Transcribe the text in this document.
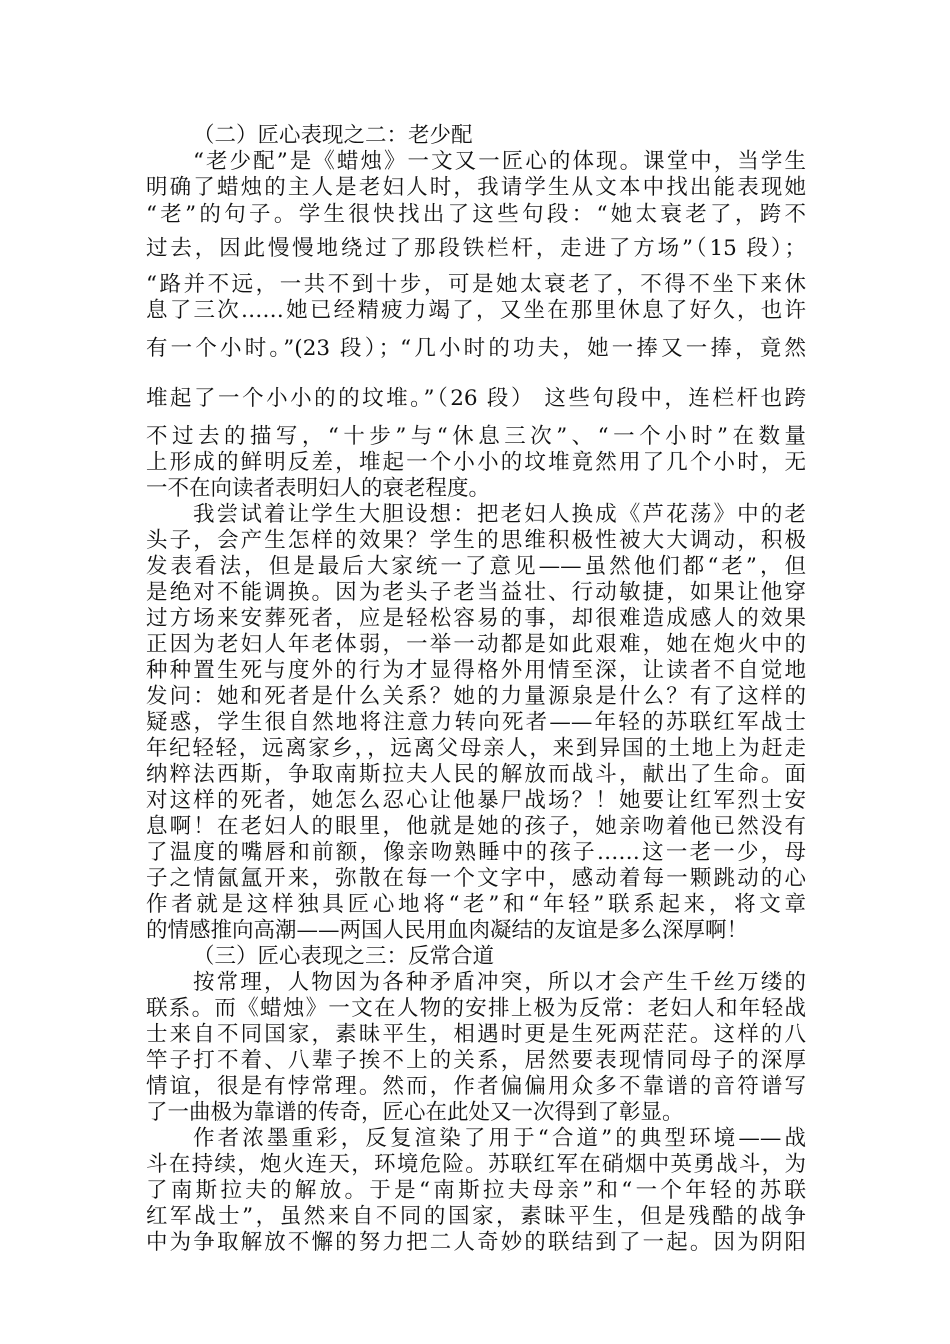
（二）匠心表现之二：老少配
“老少配”是《蜡烛》一文又一匠心的体现。课堂中，当学生
明确了蜡烛的主人是老妇人时，我请学生从文本中找出能表现她
“老”的句子。学生很快找出了这些句段：“她太衰老了，跨不
过去，因此慢慢地绕过了那段铁栏杆，走进了方场”（15 段）；
“路并不远，一共不到十步，可是她太衰老了，不得不坐下来休
息了三次……她已经精疲力竭了，又坐在那里休息了好久，也许
有一个小时。”(23 段）；“几小时的功夫，她一捧又一捧，竟然
堆起了一个小小的的坟堆。”（26 段） 这些句段中，连栏杆也跨
不过去的描写，“十步”与“休息三次”、“一个小时”在数量
上形成的鲜明反差，堆起一个小小的坟堆竟然用了几个小时，无
一不在向读者表明妇人的衰老程度。
我尝试着让学生大胆设想：把老妇人换成《芦花荡》中的老
头子，会产生怎样的效果？学生的思维积极性被大大调动，积极
发表看法，但是最后大家统一了意见——虽然他们都“老”，但
是绝对不能调换。因为老头子老当益壮、行动敏捷，如果让他穿
过方场来安葬死者，应是轻松容易的事，却很难造成感人的效果
正因为老妇人年老体弱，一举一动都是如此艰难，她在炮火中的
种种置生死与度外的行为才显得格外用情至深，让读者不自觉地
发问：她和死者是什么关系？她的力量源泉是什么？有了这样的
疑惑，学生很自然地将注意力转向死者——年轻的苏联红军战士
年纪轻轻，远离家乡，，远离父母亲人，来到异国的土地上为赶走
纳粹法西斯，争取南斯拉夫人民的解放而战斗，献出了生命。面
对这样的死者，她怎么忍心让他暴尸战场？！她要让红军烈士安
息啊！在老妇人的眼里，他就是她的孩子，她亲吻着他已然没有
了温度的嘴唇和前额，像亲吻熟睡中的孩子……这一老一少，母
子之情氤氲开来，弥散在每一个文字中，感动着每一颗跳动的心
作者就是这样独具匠心地将“老”和“年轻”联系起来，将文章
的情感推向高潮——两国人民用血肉凝结的友谊是多么深厚啊！
（三）匠心表现之三：反常合道
按常理，人物因为各种矛盾冲突，所以才会产生千丝万缕的
联系。而《蜡烛》一文在人物的安排上极为反常：老妇人和年轻战
士来自不同国家，素昧平生，相遇时更是生死两茫茫。这样的八
竿子打不着、八辈子挨不上的关系，居然要表现情同母子的深厚
情谊，很是有悖常理。然而，作者偏偏用众多不靠谱的音符谱写
了一曲极为靠谱的传奇，匠心在此处又一次得到了彰显。
作者浓墨重彩，反复渲染了用于“合道”的典型环境——战
斗在持续，炮火连天，环境危险。苏联红军在硝烟中英勇战斗，为
了南斯拉夫的解放。于是“南斯拉夫母亲”和“一个年轻的苏联
红军战士”，虽然来自不同的国家，素昧平生，但是残酷的战争
中为争取解放不懈的努力把二人奇妙的联结到了一起。因为阴阳
